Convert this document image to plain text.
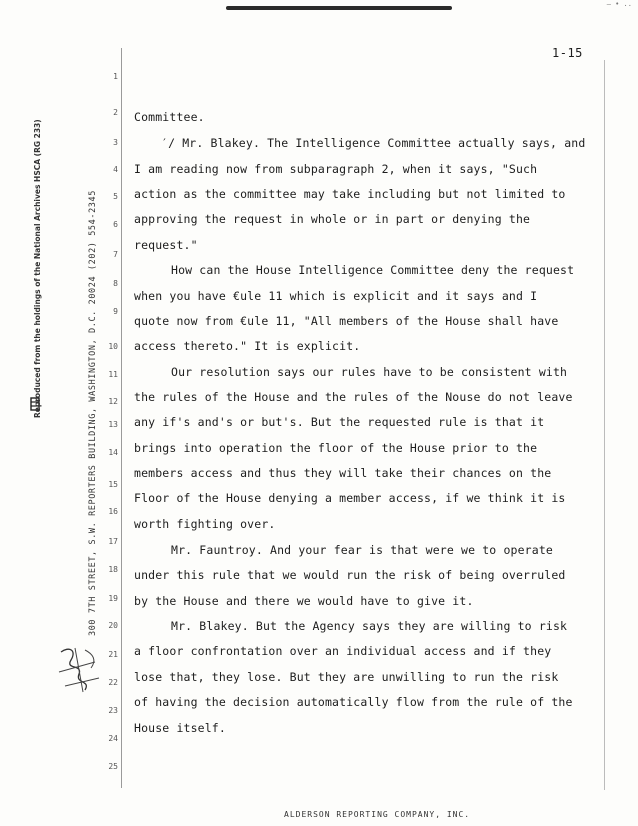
— • ..
1-15
Reproduced from the holdings of the National Archives HSCA (RG 233)	300 7TH STREET, S.W. REPORTERS BUILDING, WASHINGTON, D.C. 20024 (202) 554-2345
1
2
3
4
5
6
7
8
9
10
11
12
13
14
15
16
17
18
19
20
21
22
23
24
25
Committee.
′/ Mr. Blakey. The Intelligence Committee actually says, and
I am reading now from subparagraph 2, when it says, "Such
action as the committee may take including but not limited to
approving the request in whole or in part or denying the
request."
How can the House Intelligence Committee deny the request
when you have €ule 11 which is explicit and it says and I
quote now from €ule 11, "All members of the House shall have
access thereto." It is explicit.
Our resolution says our rules have to be consistent with
the rules of the House and the rules of the Nouse do not leave
any if's and's or but's. But the requested rule is that it
brings into operation the floor of the House prior to the
members access and thus they will take their chances on the
Floor of the House denying a member access, if we think it is
worth fighting over.
Mr. Fauntroy. And your fear is that were we to operate
under this rule that we would run the risk of being overruled
by the House and there we would have to give it.
Mr. Blakey. But the Agency says they are willing to risk
a floor confrontation over an individual access and if they
lose that, they lose. But they are unwilling to run the risk
of having the decision automatically flow from the rule of the
House itself.
ALDERSON REPORTING COMPANY, INC.
